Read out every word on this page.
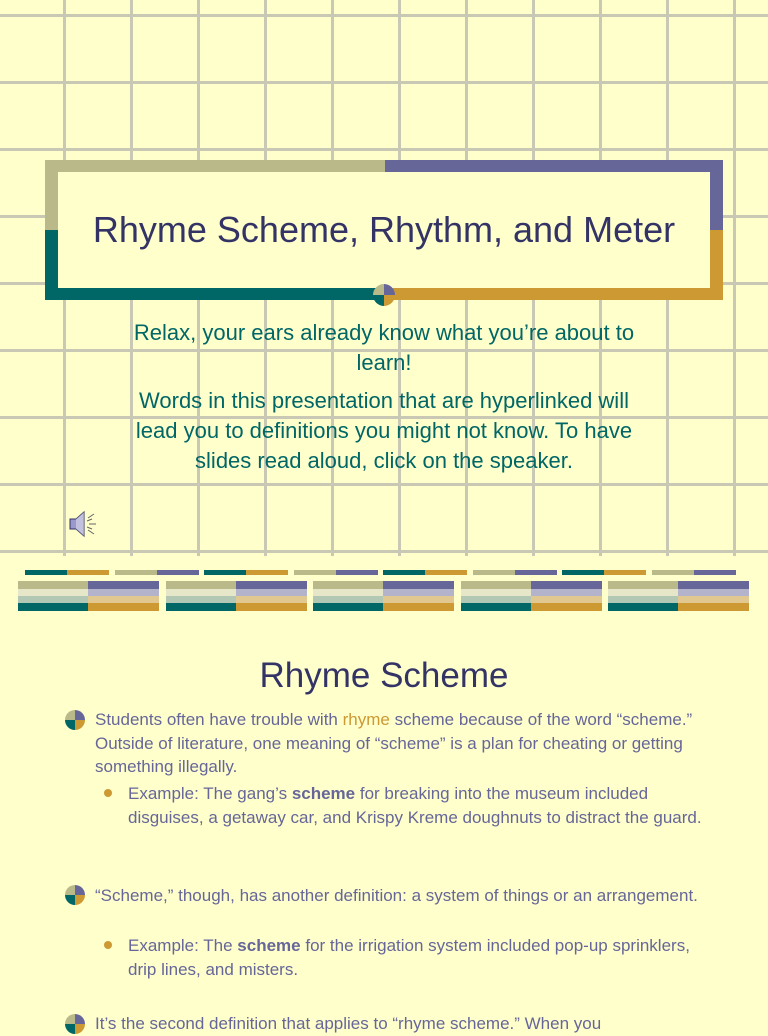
Rhyme Scheme, Rhythm, and Meter

Relax, your ears already know what you’re about to learn!

Words in this presentation that are hyperlinked will lead you to definitions you might not know. To have slides read aloud, click on the speaker.

Rhyme Scheme
Students often have trouble with rhyme scheme because of the word “scheme.” Outside of literature, one meaning of “scheme” is a plan for cheating or getting something illegally.
Example: The gang’s scheme for breaking into the museum included disguises, a getaway car, and Krispy Kreme doughnuts to distract the guard.
“Scheme,” though, has another definition: a system of things or an arrangement.
Example: The scheme for the irrigation system included pop-up sprinklers, drip lines, and misters.
It’s the second definition that applies to “rhyme scheme.” When you
